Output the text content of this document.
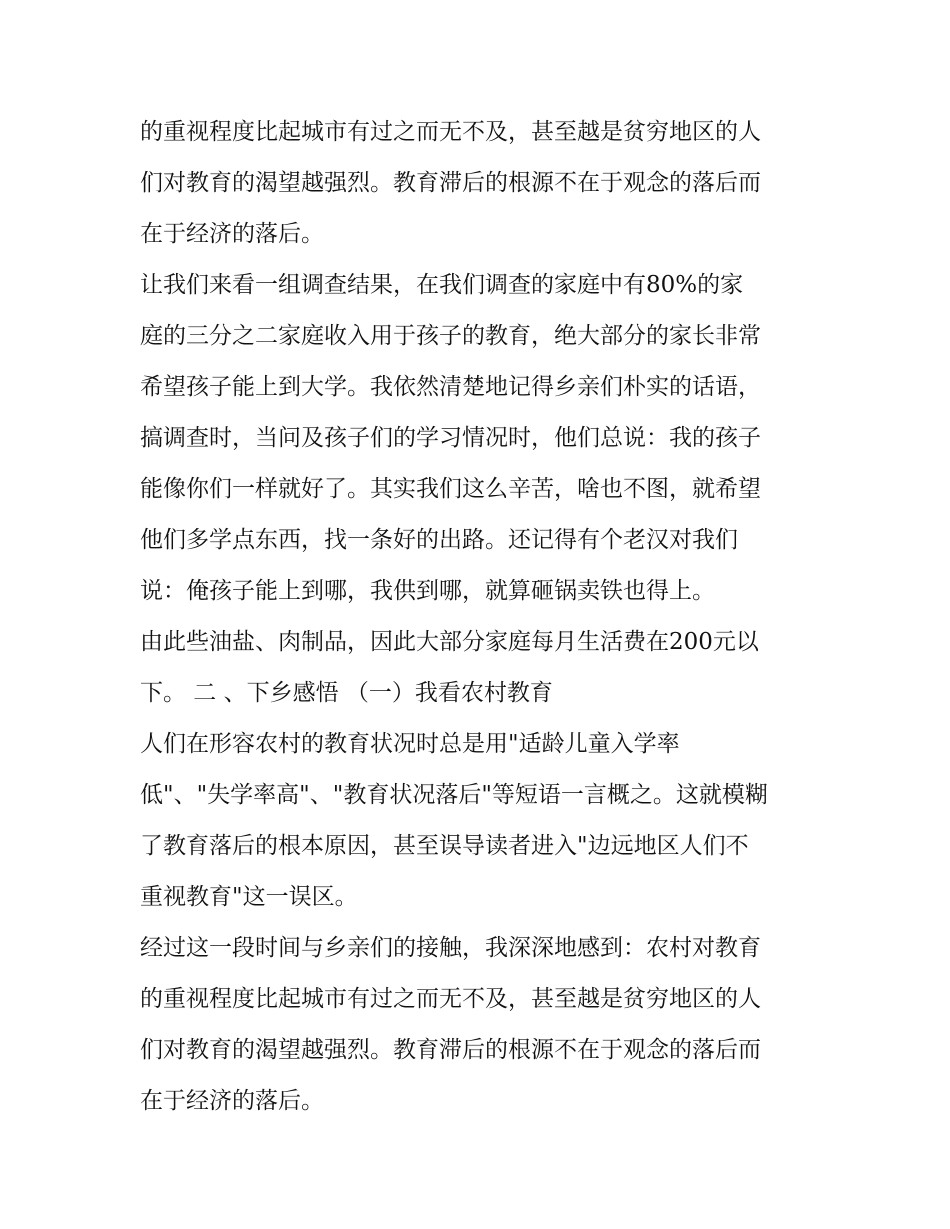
的重视程度比起城市有过之而无不及，甚至越是贫穷地区的人
们对教育的渴望越强烈。教育滞后的根源不在于观念的落后而
在于经济的落后。
让我们来看一组调查结果，在我们调查的家庭中有80%的家
庭的三分之二家庭收入用于孩子的教育，绝大部分的家长非常
希望孩子能上到大学。我依然清楚地记得乡亲们朴实的话语，
搞调查时，当问及孩子们的学习情况时，他们总说：我的孩子
能像你们一样就好了。其实我们这么辛苦，啥也不图，就希望
他们多学点东西，找一条好的出路。还记得有个老汉对我们
说：俺孩子能上到哪，我供到哪，就算砸锅卖铁也得上。
由此些油盐、肉制品，因此大部分家庭每月生活费在200元以
下。 二 、下乡感悟 （一）我看农村教育
人们在形容农村的教育状况时总是用"适龄儿童入学率
低"、"失学率高"、"教育状况落后"等短语一言概之。这就模糊
了教育落后的根本原因，甚至误导读者进入"边远地区人们不
重视教育"这一误区。
经过这一段时间与乡亲们的接触，我深深地感到：农村对教育
的重视程度比起城市有过之而无不及，甚至越是贫穷地区的人
们对教育的渴望越强烈。教育滞后的根源不在于观念的落后而
在于经济的落后。
